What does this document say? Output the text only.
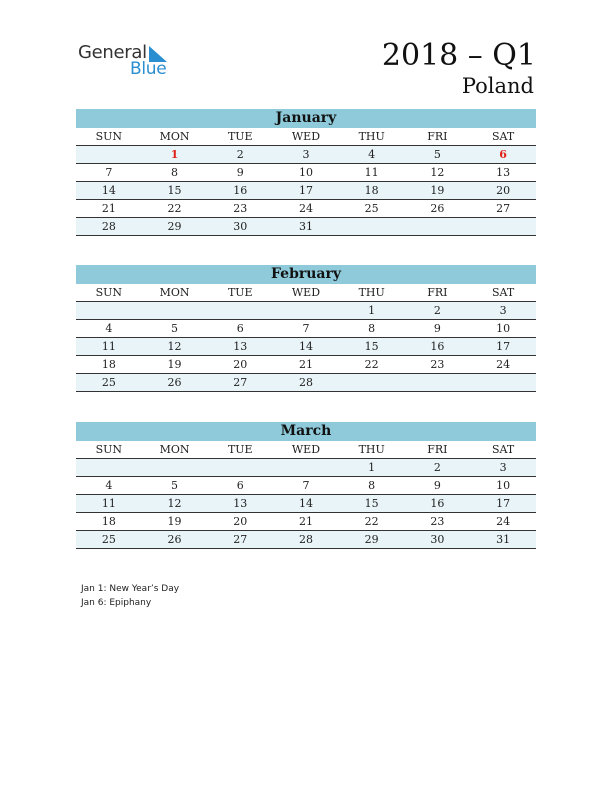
General
Blue	2018 – Q1
Poland
January
SUN	MON	TUE	WED	THU	FRI	SAT
	1	2	3	4	5	6
7	8	9	10	11	12	13
14	15	16	17	18	19	20
21	22	23	24	25	26	27
28	29	30	31			
February
SUN	MON	TUE	WED	THU	FRI	SAT
				1	2	3
4	5	6	7	8	9	10
11	12	13	14	15	16	17
18	19	20	21	22	23	24
25	26	27	28			
March
SUN	MON	TUE	WED	THU	FRI	SAT
				1	2	3
4	5	6	7	8	9	10
11	12	13	14	15	16	17
18	19	20	21	22	23	24
25	26	27	28	29	30	31
Jan 1: New Year’s Day
Jan 6: Epiphany
